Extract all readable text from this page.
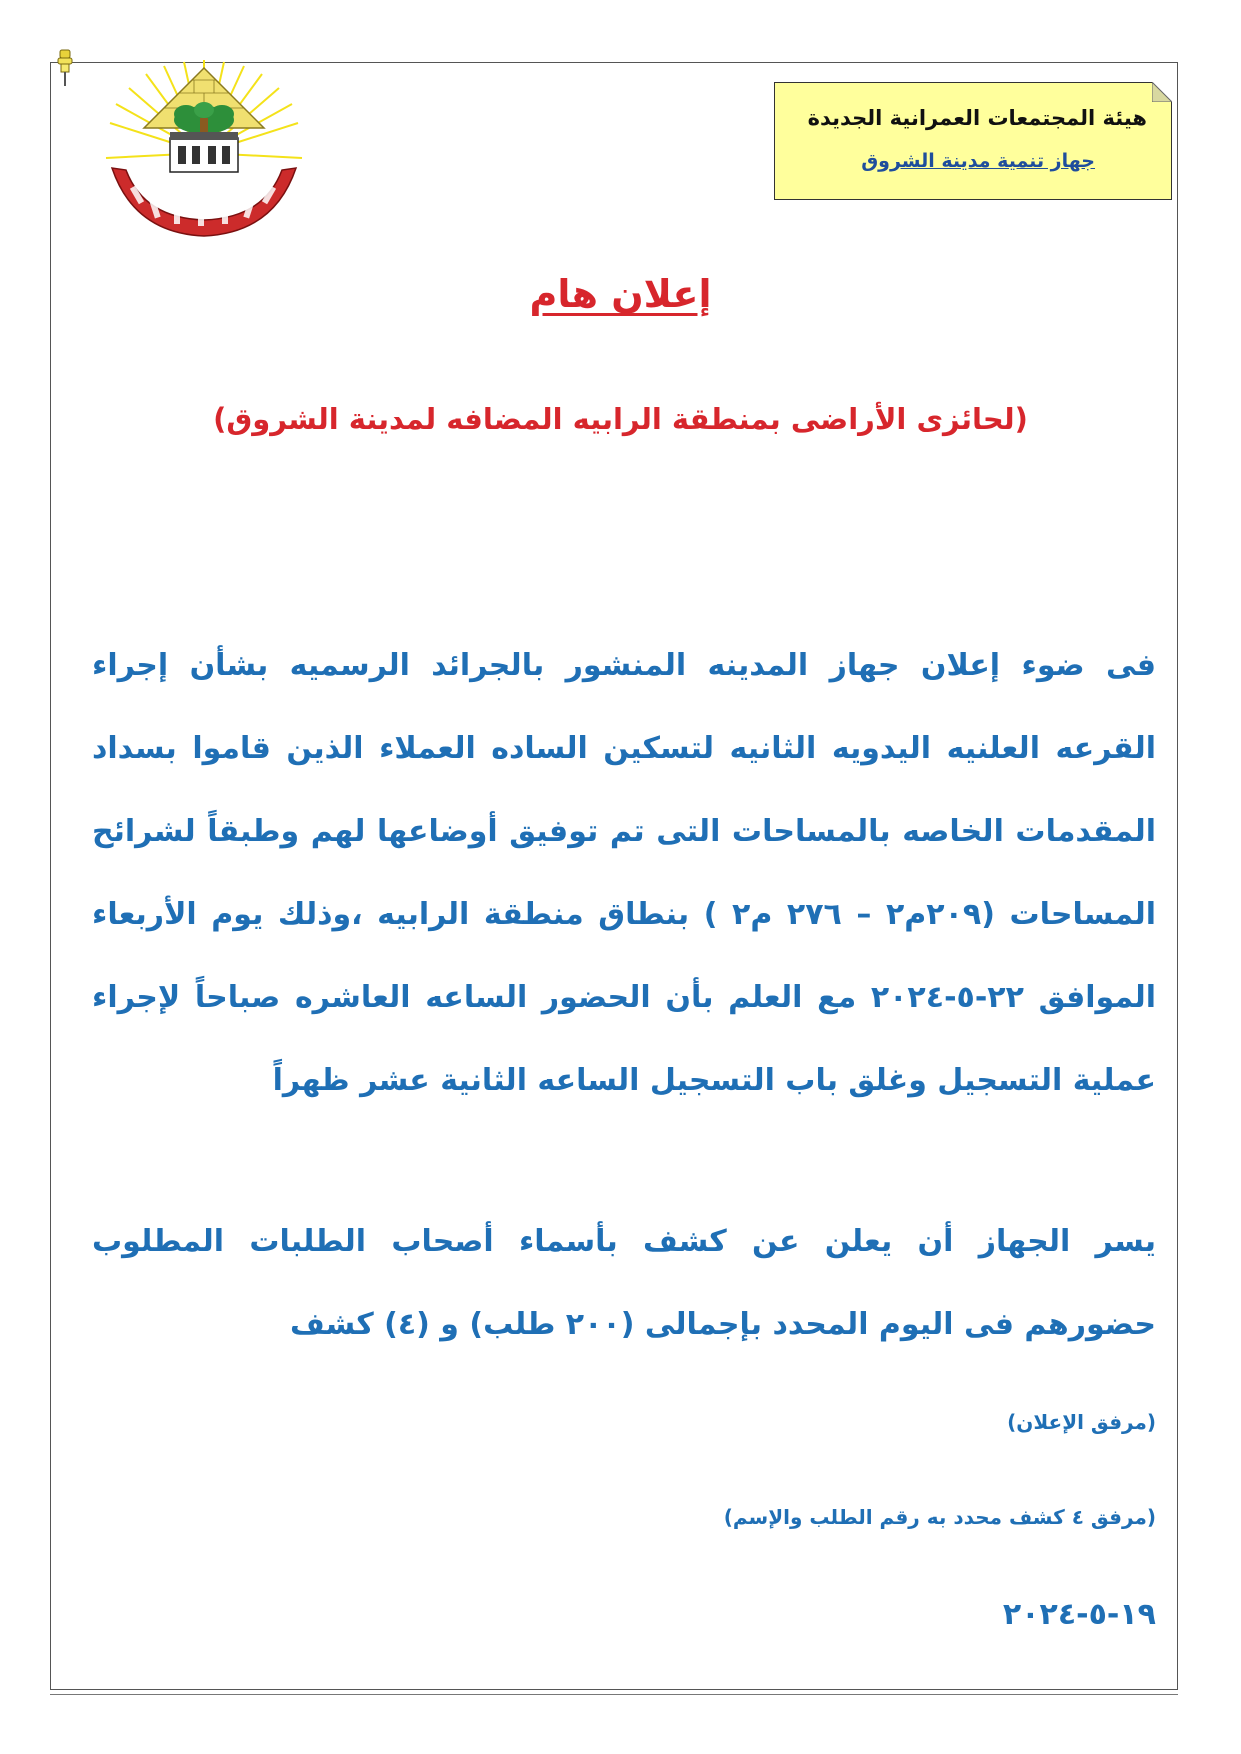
هيئة المجتمعات العمرانية الجديدة
جهاز تنمية مدينة الشروق
إعلان هام
(لحائزى الأراضى بمنطقة الرابيه المضافه لمدينة الشروق)
فى ضوء إعلان جهاز المدينه المنشور بالجرائد الرسميه بشأن إجراء القرعه العلنيه اليدويه الثانيه لتسكين الساده العملاء الذين قاموا بسداد المقدمات الخاصه بالمساحات التى تم توفيق أوضاعها لهم وطبقاً لشرائح المساحات (٢٠٩م٢ – ٢٧٦ م٢ ) بنطاق منطقة الرابيه ،وذلك يوم الأربعاء الموافق ٢٢-٥-٢٠٢٤ مع العلم بأن الحضور الساعه العاشره صباحاً لإجراء عملية التسجيل وغلق باب التسجيل الساعه الثانية عشر ظهراً
يسر الجهاز أن يعلن عن كشف بأسماء أصحاب الطلبات المطلوب حضورهم فى اليوم المحدد بإجمالى (٢٠٠ طلب) و (٤) كشف
(مرفق الإعلان)
(مرفق ٤ كشف محدد به رقم الطلب والإسم)
١٩-٥-٢٠٢٤
